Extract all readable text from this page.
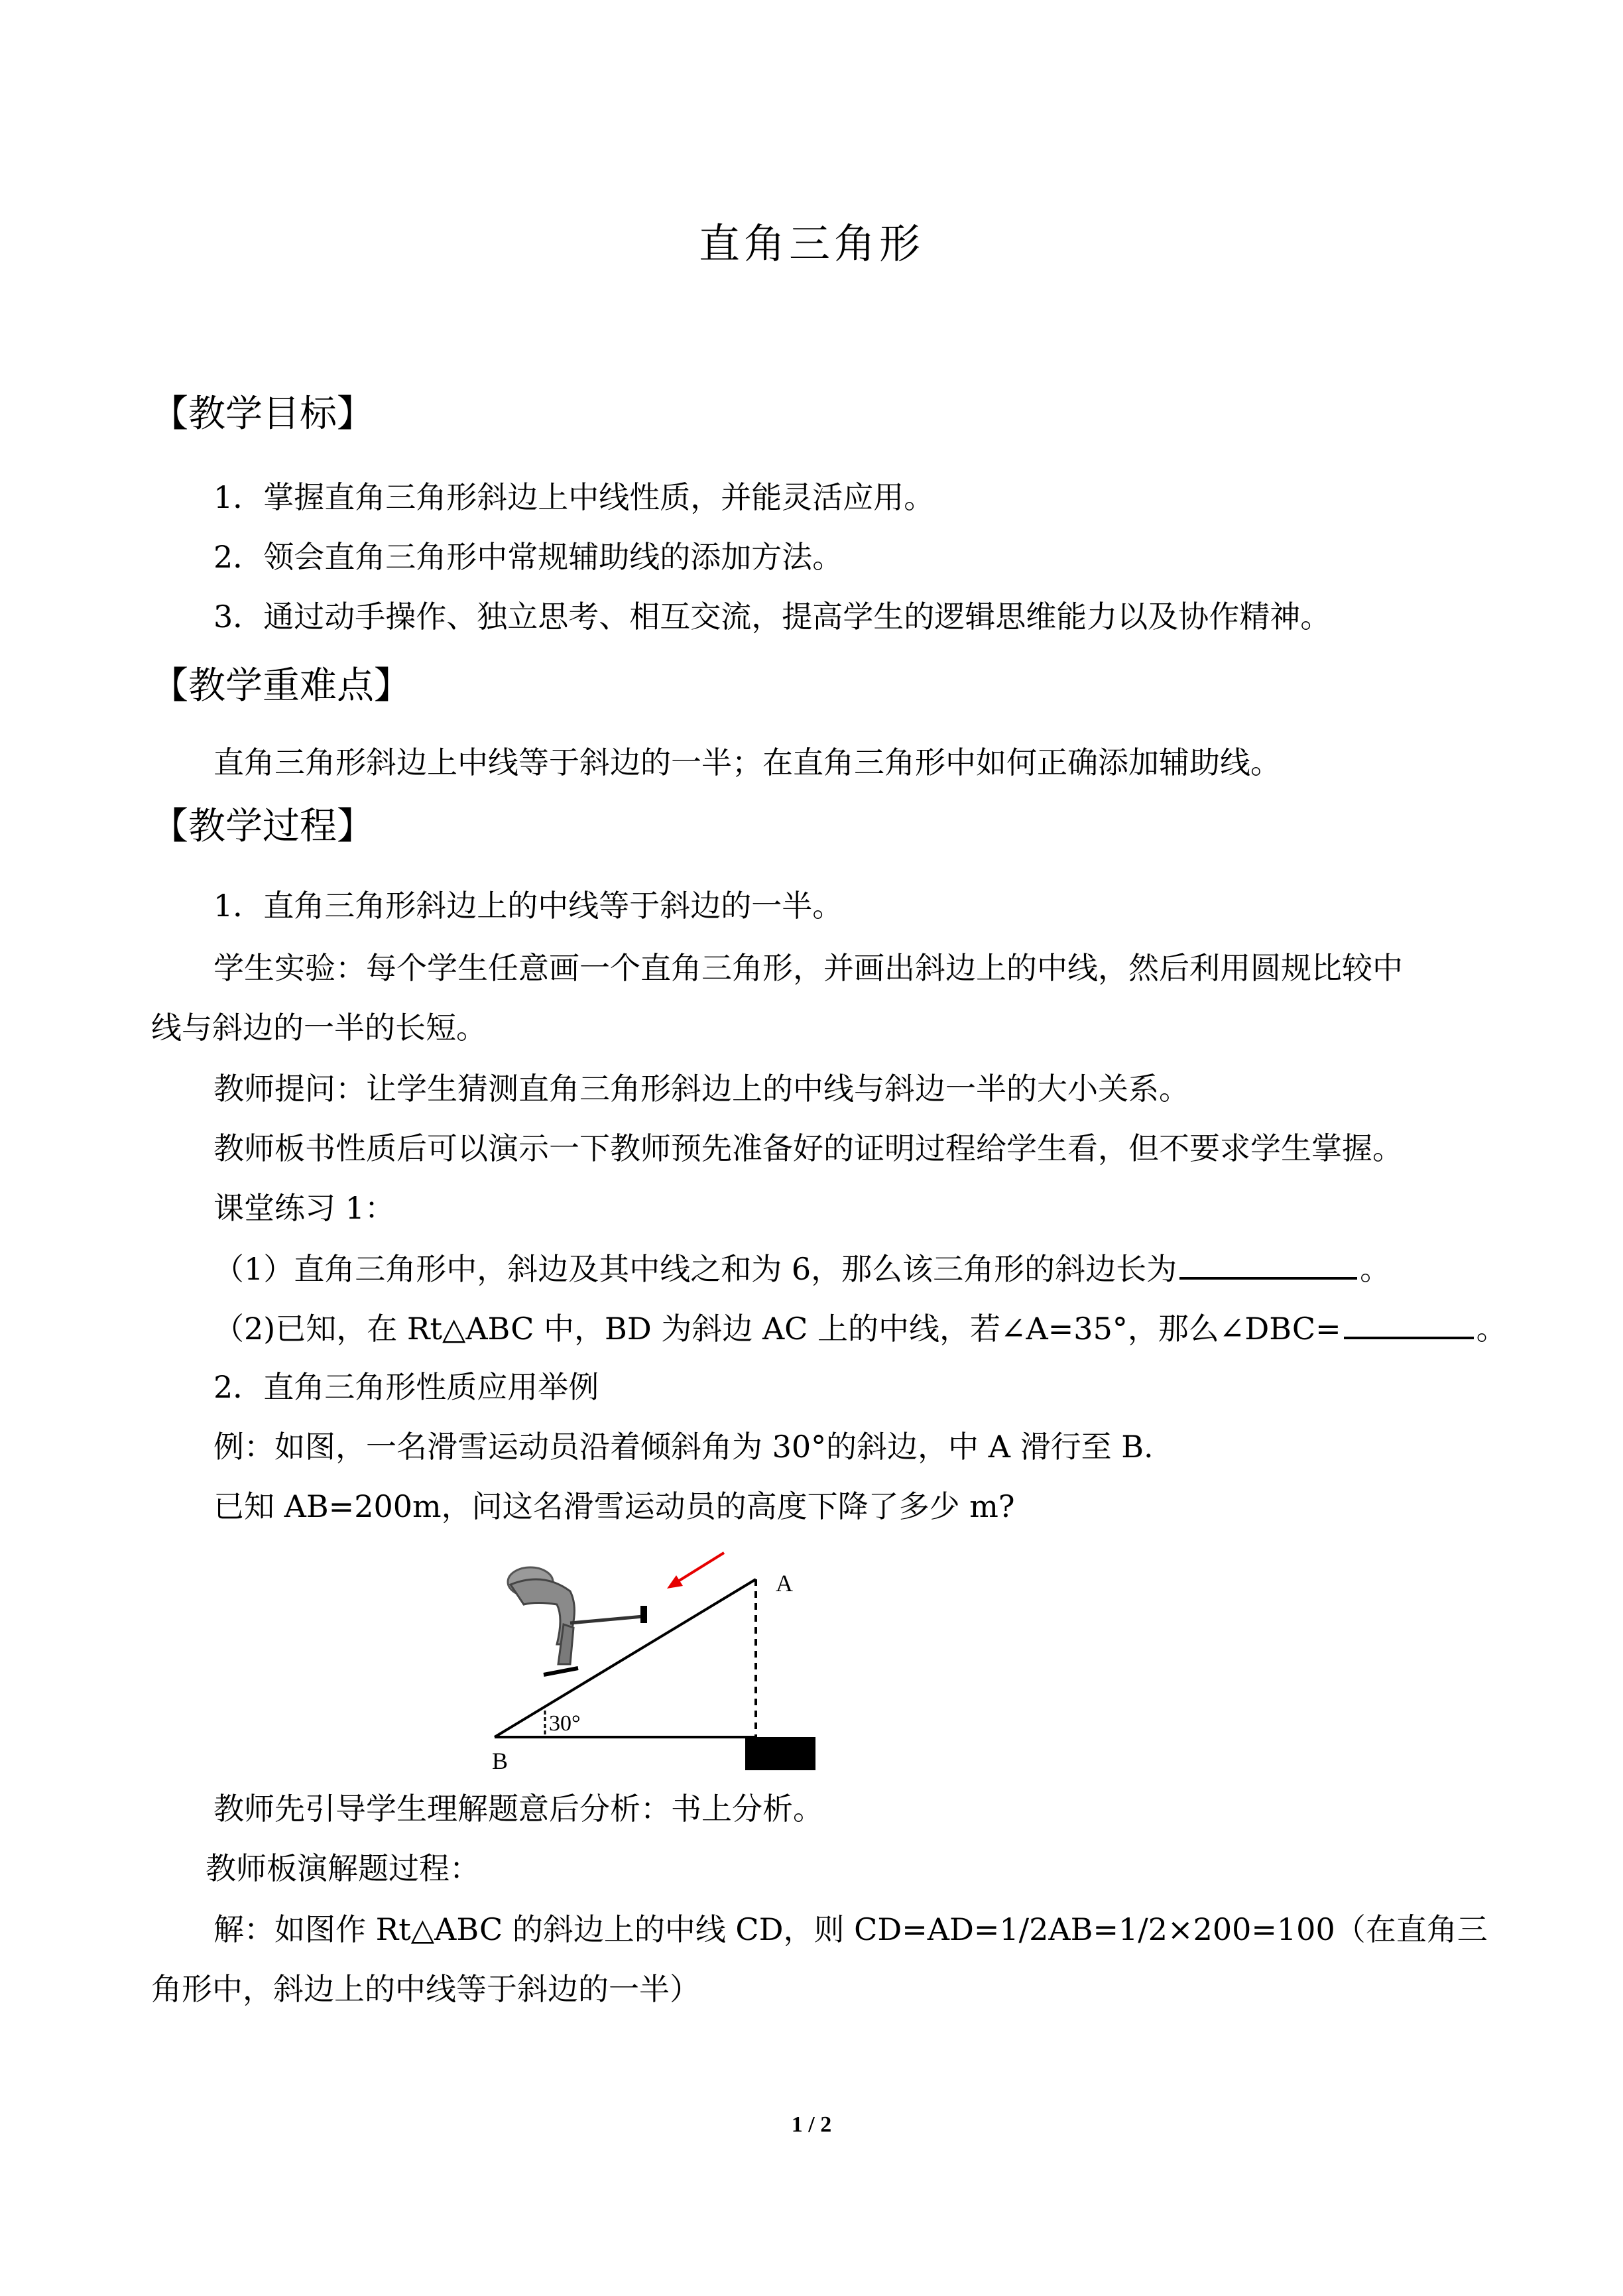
直角三角形
【教学目标】
1．掌握直角三角形斜边上中线性质，并能灵活应用。
2．领会直角三角形中常规辅助线的添加方法。
3．通过动手操作、独立思考、相互交流，提高学生的逻辑思维能力以及协作精神。
【教学重难点】
直角三角形斜边上中线等于斜边的一半；在直角三角形中如何正确添加辅助线。
【教学过程】
1．直角三角形斜边上的中线等于斜边的一半。
学生实验：每个学生任意画一个直角三角形，并画出斜边上的中线，然后利用圆规比较中
线与斜边的一半的长短。
教师提问：让学生猜测直角三角形斜边上的中线与斜边一半的大小关系。
教师板书性质后可以演示一下教师预先准备好的证明过程给学生看，但不要求学生掌握。
课堂练习 1：
（1）直角三角形中，斜边及其中线之和为 6，那么该三角形的斜边长为	。
（2)已知，在 Rt△ABC 中，BD 为斜边 AC 上的中线，若∠A=35°，那么∠DBC=	。
2．直角三角形性质应用举例
例：如图，一名滑雪运动员沿着倾斜角为 30°的斜边，中 A 滑行至 B.
已知 AB=200m，问这名滑雪运动员的高度下降了多少 m?
30°
A
B
教师先引导学生理解题意后分析：书上分析。
教师板演解题过程：
解：如图作 Rt△ABC 的斜边上的中线 CD，则 CD=AD=1/2AB=1/2×200=100（在直角三
角形中，斜边上的中线等于斜边的一半）
1 / 2
